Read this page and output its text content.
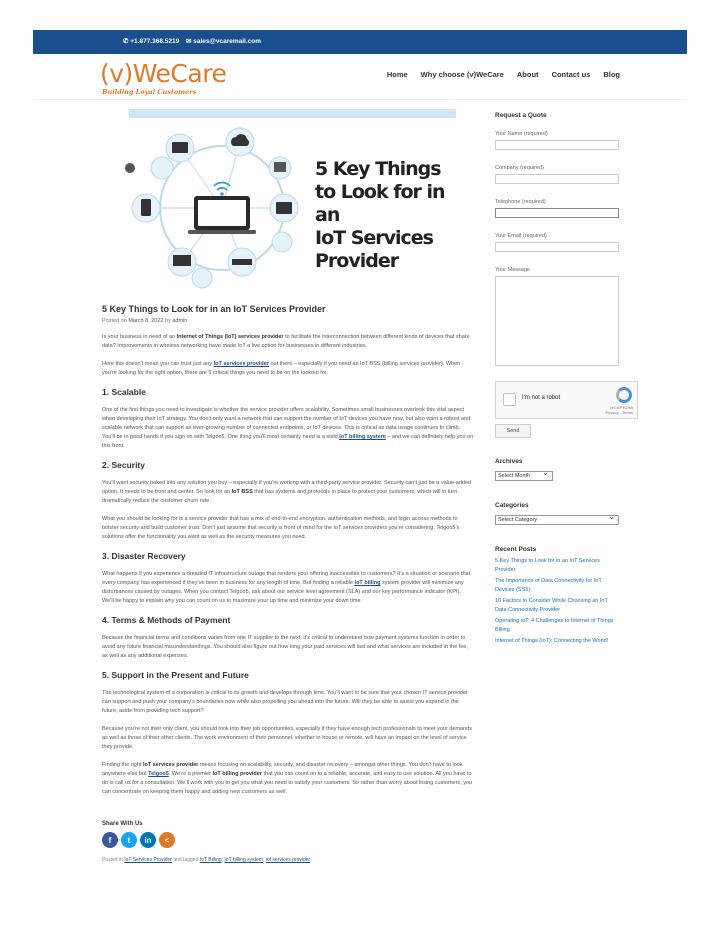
✆ +1.877.368.5219 ✉ sales@vcaremail.com
(v)WeCare
Building Loyal Customers
Home Why choose (v)WeCare About Contact us Blog
5 Key Things
to Look for in an
IoT Services
Provider
5 Key Things to Look for in an IoT Services Provider
Posted on March 8, 2022 by admin

Is your business in need of an Internet of Things (IoT) services provider to facilitate the interconnection between different kinds of devices that share data? Improvements in wireless networking have made IoT a live option for businesses in different industries.

Here this doesn’t mean you can trust just any IoT services provider out there – especially if you need an IoT BSS (billing services provider). When you’re looking for the right option, there are 5 critical things you need to be on the lookout for.

1. Scalable

One of the first things you need to investigate is whether the service provider offers scalability. Sometimes small businesses overlook this vital aspect when developing their IoT strategy. You don’t only want a network that can support the number of IoT devices you have now, but also want a robust and scalable network that can support an ever-growing number of connected endpoints, or IoT devices. This is critical as data usage continues to climb. You’ll be in good hands if you sign on with Telgoo5. One thing you’ll most certainly need is a solid IoT billing system – and we can definitely help you on this front.

2. Security

You’ll want security baked into any solution you buy – especially if you’re working with a third-party service provider. Security can’t just be a value-added option. It needs to be front and center. So look for an IoT BSS that has systems and protocols in place to protect your customers, which will in turn dramatically reduce the customer churn rate.

What you should be looking for is a service provider that has a mix of end-to-end encryption, authentication methods, and login access methods to bolster security and build customer trust. Don’t just assume that security is front of mind for the IoT services providers you’re considering. Telgoo5’s solutions offer the functionality you want as well as the security measures you need.

3. Disaster Recovery

What happens if you experience a dreaded IT infrastructure outage that renders your offering inaccessible to customers? It’s a situation or scenario that every company has experienced if they’ve been in business for any length of time. But finding a reliable IoT billing system provider will minimize any disturbances caused by outages. When you contact Telgoo5, ask about our service level agreement (SLA) and our key performance indicator (KPI). We’ll be happy to explain why you can count on us to maximize your up time and minimize your down time.

4. Terms & Methods of Payment

Because the financial terms and conditions varies from one IT supplier to the next, it’s critical to understand how payment systems function in order to avoid any future financial misunderstandings. You should also figure out how long your paid services will last and what services are included in the fee, as well as any additional expenses.

5. Support in the Present and Future

The technological system of a corporation is critical to its growth and develops through time. You’ll want to be sure that your chosen IT service provider can support and push your company’s boundaries now while also propelling you ahead into the future. Will they be able to assist you expand in the future, aside from providing tech support?

Because you’re not their only client, you should look into their job opportunities, especially if they have enough tech professionals to meet your demands as well as those of their other clients. The work environment of their personnel, whether in-house or remote, will have an impact on the level of service they provide.

Finding the right IoT services provider means focusing on scalability, security, and disaster recovery – amongst other things. You don’t have to look anywhere else but Telgoo5. We’re a premier IoT billing provider that you can count on to a reliable, accurate, and easy to use solution. All you have to do is call us for a consultation. We’ll work with you to get you what you need to satisfy your customers. So rather than worry about losing customers, you can concentrate on keeping them happy and adding new customers as well.

Share With Us
f	t	in	<
Posted in IoT Services Provider and tagged IoT Billing, IoT billing system, iot services provider.
Request a Quote
Your Name (required)
Company (required)
Telephone (required)
Your Email (required)
Your Message
I'm not a robot
reCAPTCHA
Privacy - Terms
Send
Archives
Select Month ⌄
Categories
Select Category ⌄
Recent Posts
5 Key Things to Look for in an IoT Services Provider
The Importance of Data Connectivity for IoT Devices (SS5)
10 Factors to Consider While Choosing an IoT Data Connectivity Provider
Operating IoT: 4 Challenges to Internet of Things Billing
Internet of Things (IoT): Connecting the World!
